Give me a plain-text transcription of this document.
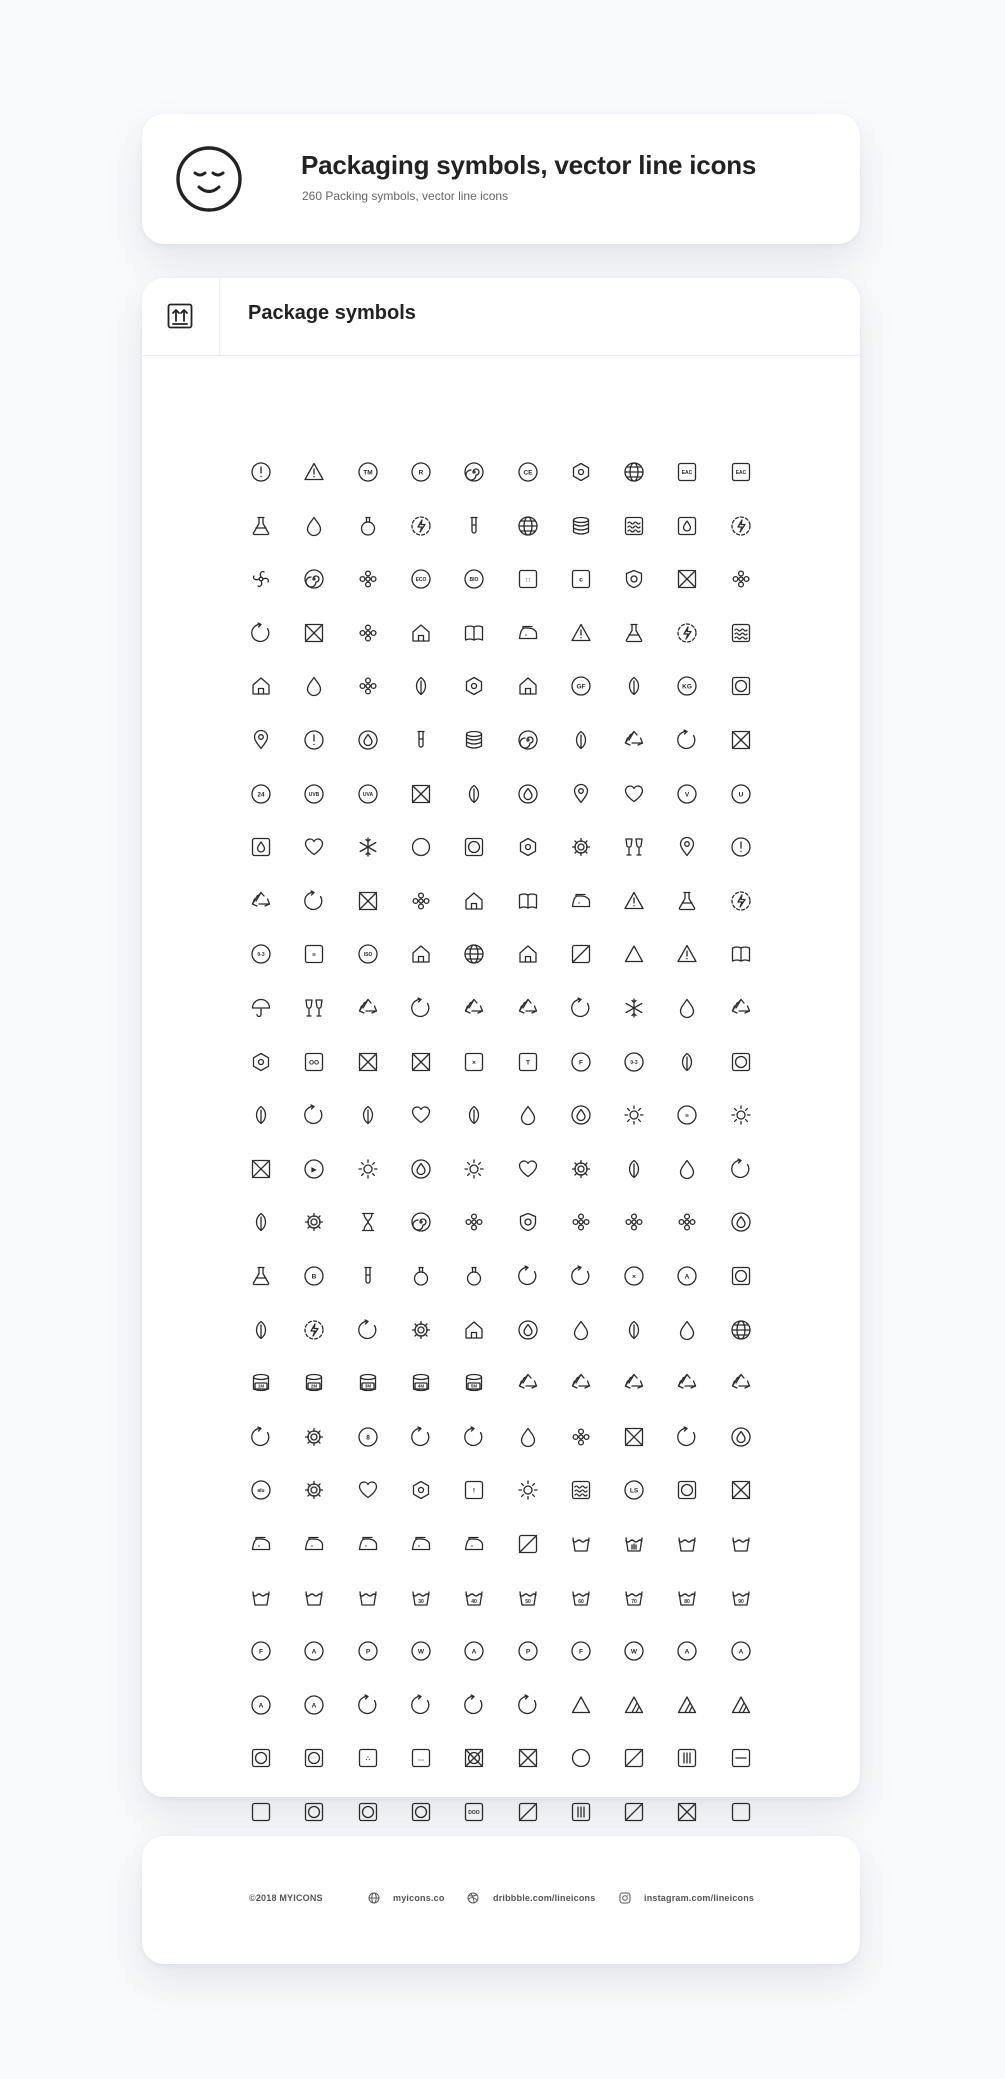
Packaging symbols, vector line icons

260 Packing symbols, vector line icons

Package symbols
TM	R	CE	EAC	EAC
ECO	BIO	↑↑	c
GF	KG
24	UVB	UVA	V	U
0-3	≡	ISO
OO	×	T	F	0-3
≡
▶
B	×	A
1M	2M	3M	4M	5M
8
alu	!	LS
30	40	50	60	70	80	90
F	A	P	W	A	P	F	W	A	A
A	A
∴	…
DOO
©2018 MYICONS	myicons.co	dribbble.com/lineicons	instagram.com/lineicons
